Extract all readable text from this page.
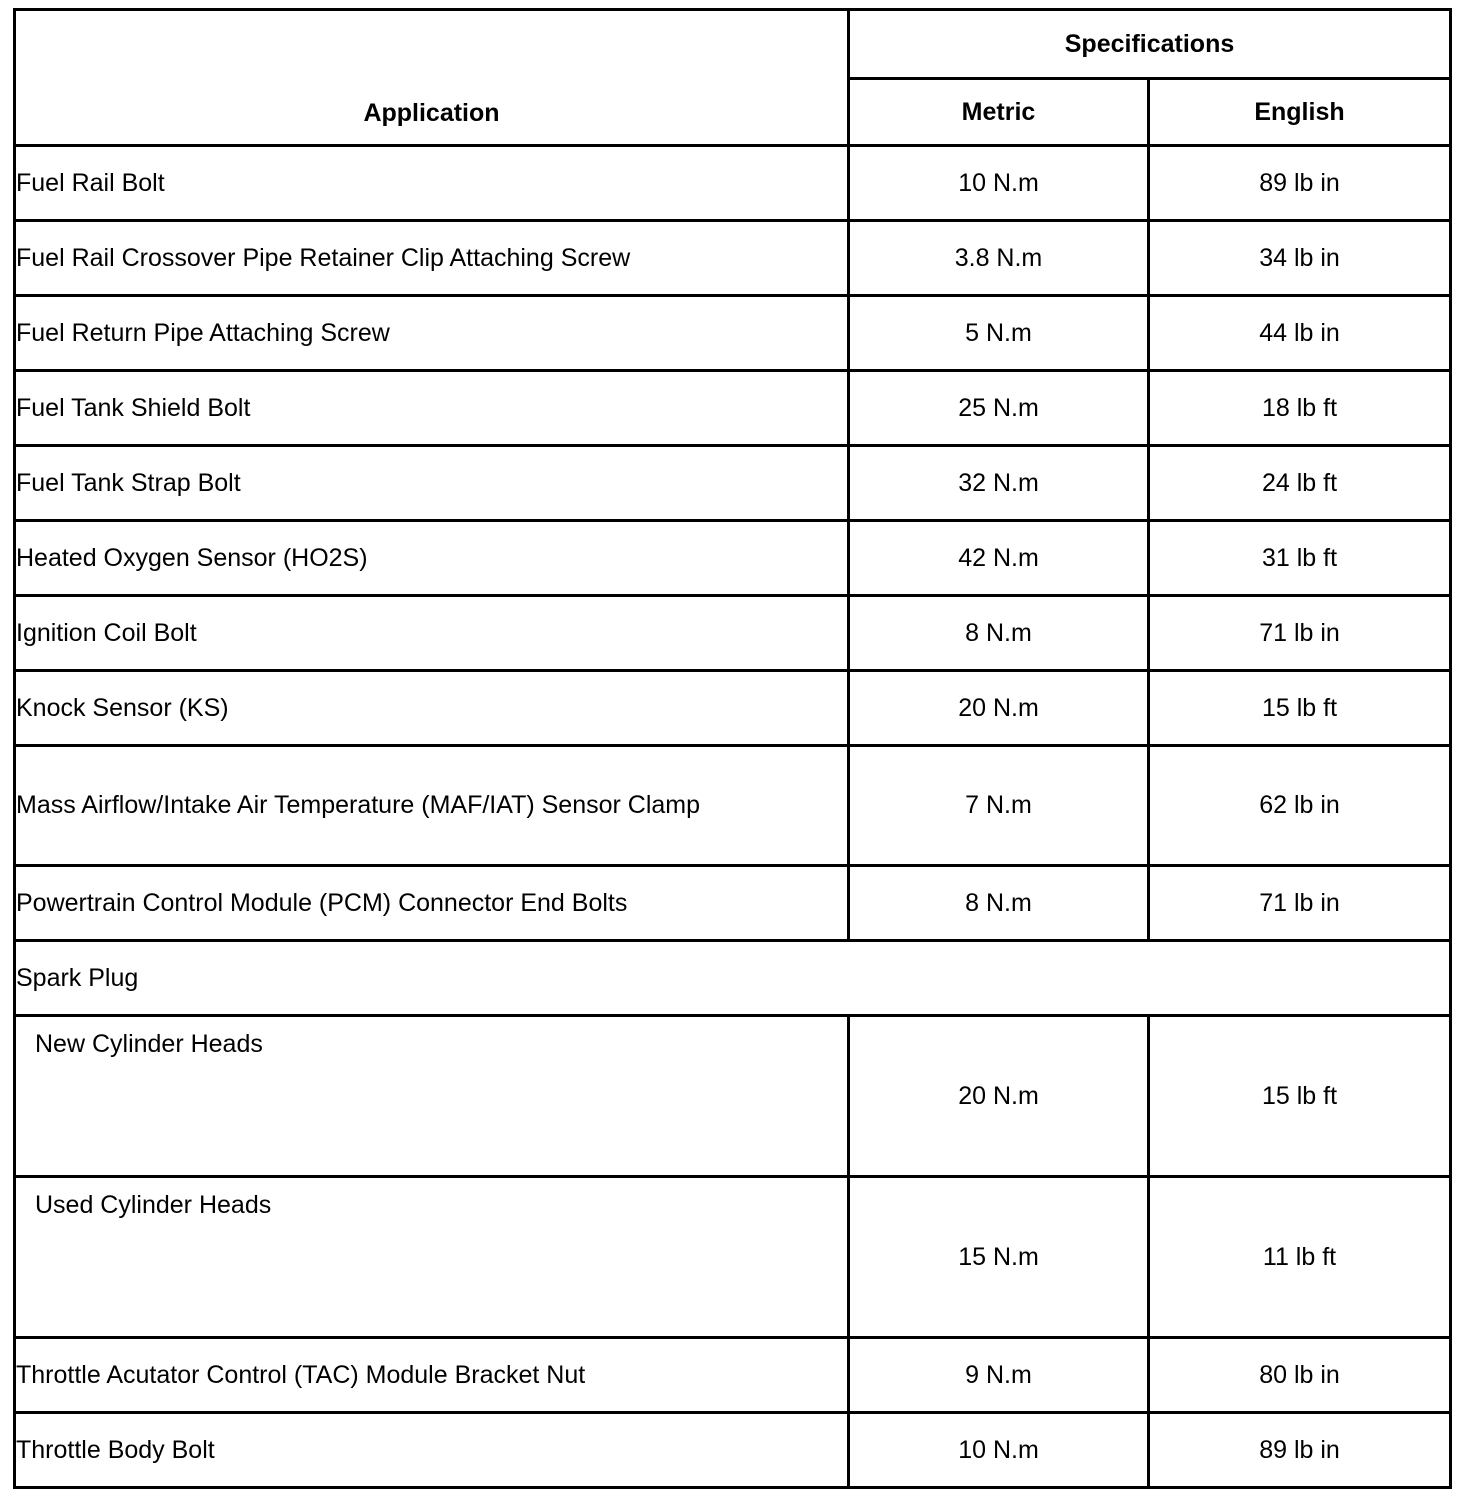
Application	Specifications	
	Metric	English
Fuel Rail Bolt	10 N.m	89 lb in
Fuel Rail Crossover Pipe Retainer Clip Attaching Screw	3.8 N.m	34 lb in
Fuel Return Pipe Attaching Screw	5 N.m	44 lb in
Fuel Tank Shield Bolt	25 N.m	18 lb ft
Fuel Tank Strap Bolt	32 N.m	24 lb ft
Heated Oxygen Sensor (HO2S)	42 N.m	31 lb ft
Ignition Coil Bolt	8 N.m	71 lb in
Knock Sensor (KS)	20 N.m	15 lb ft
Mass Airflow/Intake Air Temperature (MAF/IAT) Sensor Clamp	7 N.m	62 lb in
Powertrain Control Module (PCM) Connector End Bolts	8 N.m	71 lb in
Spark Plug		
New Cylinder Heads	20 N.m	15 lb ft
Used Cylinder Heads	15 N.m	11 lb ft
Throttle Acutator Control (TAC) Module Bracket Nut	9 N.m	80 lb in
Throttle Body Bolt	10 N.m	89 lb in
